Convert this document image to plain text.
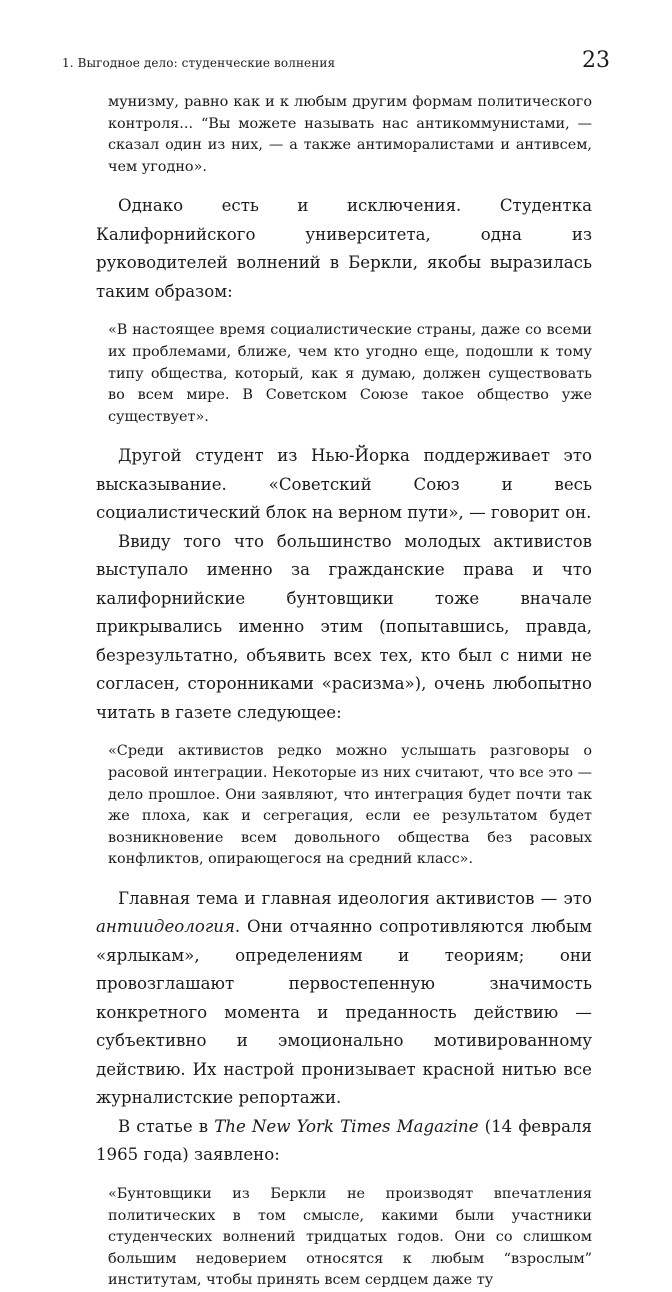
1. Выгодное дело: студенческие волнения	23

мунизму, равно как и к любым другим формам политического контроля... “Вы можете называть нас антикоммунистами, — сказал один из них, — а также антиморалистами и антивсем, чем угодно».

Однако есть и исключения. Студентка Калифорнийского университета, одна из руководителей волнений в Беркли, якобы выразилась таким образом:

«В настоящее время социалистические страны, даже со всеми их проблемами, ближе, чем кто угодно еще, подошли к тому типу общества, который, как я думаю, должен существовать во всем мире. В Советском Союзе такое общество уже существует».

Другой студент из Нью-Йорка поддерживает это высказывание. «Советский Союз и весь социалистический блок на верном пути», — говорит он.

Ввиду того что большинство молодых активистов выступало именно за гражданские права и что калифорнийские бунтовщики тоже вначале прикрывались именно этим (попытавшись, правда, безрезультатно, объявить всех тех, кто был с ними не согласен, сторонниками «расизма»), очень любопытно читать в газете следующее:

«Среди активистов редко можно услышать разговоры о расовой интеграции. Некоторые из них считают, что все это — дело прошлое. Они заявляют, что интеграция будет почти так же плоха, как и сегрегация, если ее результатом будет возникновение всем довольного общества без расовых конфликтов, опирающегося на средний класс».

Главная тема и главная идеология активистов — это антиидеология. Они отчаянно сопротивляются любым «ярлыкам», определениям и теориям; они провозглашают первостепенную значимость конкретного момента и преданность действию — субъективно и эмоционально мотивированному действию. Их настрой пронизывает красной нитью все журналистские репортажи.

В статье в The New York Times Magazine (14 февраля 1965 года) заявлено:

«Бунтовщики из Беркли не производят впечатления политических в том смысле, какими были участники студенческих волнений тридцатых годов. Они со слишком большим недоверием относятся к любым “взрослым” институтам, чтобы принять всем сердцем даже ту
